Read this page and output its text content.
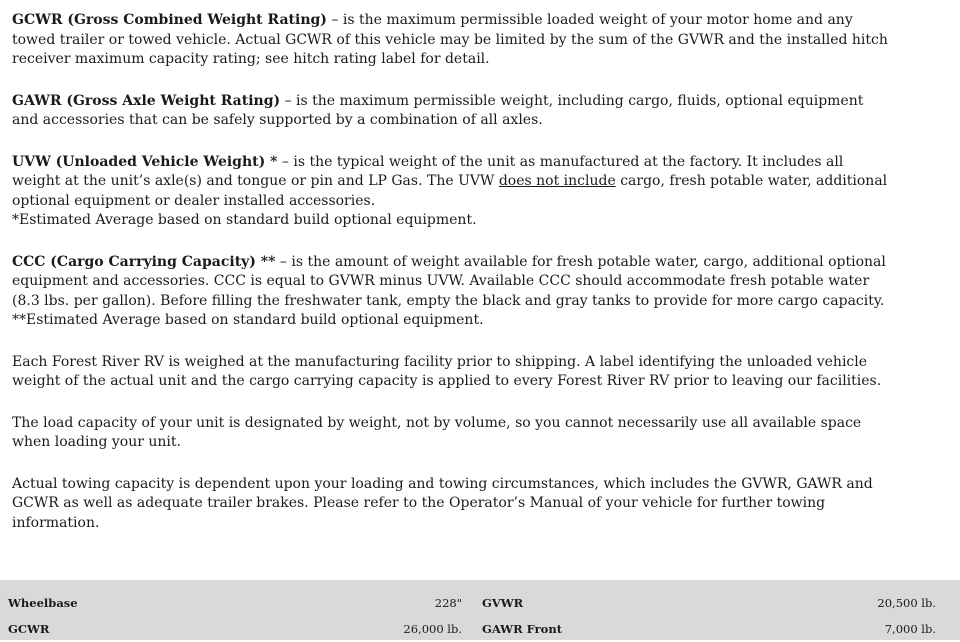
GCWR (Gross Combined Weight Rating) – is the maximum permissible loaded weight of your motor home and any
towed trailer or towed vehicle. Actual GCWR of this vehicle may be limited by the sum of the GVWR and the installed hitch
receiver maximum capacity rating; see hitch rating label for detail.

GAWR (Gross Axle Weight Rating) – is the maximum permissible weight, including cargo, fluids, optional equipment
and accessories that can be safely supported by a combination of all axles.

UVW (Unloaded Vehicle Weight) * – is the typical weight of the unit as manufactured at the factory. It includes all
weight at the unit’s axle(s) and tongue or pin and LP Gas. The UVW does not include cargo, fresh potable water, additional
optional equipment or dealer installed accessories.
*Estimated Average based on standard build optional equipment.

CCC (Cargo Carrying Capacity) ** – is the amount of weight available for fresh potable water, cargo, additional optional
equipment and accessories. CCC is equal to GVWR minus UVW. Available CCC should accommodate fresh potable water
(8.3 lbs. per gallon). Before filling the freshwater tank, empty the black and gray tanks to provide for more cargo capacity.
**Estimated Average based on standard build optional equipment.

Each Forest River RV is weighed at the manufacturing facility prior to shipping. A label identifying the unloaded vehicle
weight of the actual unit and the cargo carrying capacity is applied to every Forest River RV prior to leaving our facilities.

The load capacity of your unit is designated by weight, not by volume, so you cannot necessarily use all available space
when loading your unit.

Actual towing capacity is dependent upon your loading and towing circumstances, which includes the GVWR, GAWR and
GCWR as well as adequate trailer brakes. Please refer to the Operator’s Manual of your vehicle for further towing
information.

Wheelbase	228" GVWR	20,500 lb.
GCWR	26,000 lb. GAWR Front	7,000 lb.
